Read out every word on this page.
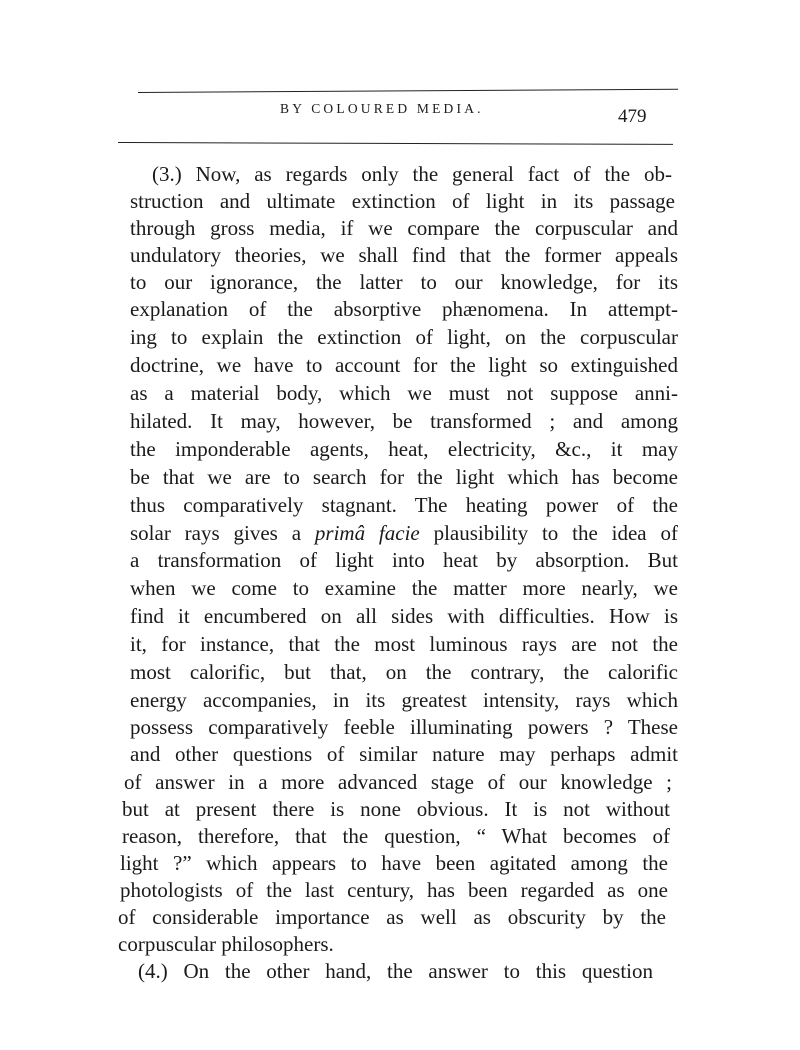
BY COLOURED MEDIA.	479
(3.) Now, as regards only the general fact of the ob-
struction and ultimate extinction of light in its passage
through gross media, if we compare the corpuscular and
undulatory theories, we shall find that the former appeals
to our ignorance, the latter to our knowledge, for its
explanation of the absorptive phænomena. In attempt-
ing to explain the extinction of light, on the corpuscular
doctrine, we have to account for the light so extinguished
as a material body, which we must not suppose anni-
hilated. It may, however, be transformed ; and among
the imponderable agents, heat, electricity, &c., it may
be that we are to search for the light which has become
thus comparatively stagnant. The heating power of the
solar rays gives a primâ facie plausibility to the idea of
a transformation of light into heat by absorption. But
when we come to examine the matter more nearly, we
find it encumbered on all sides with difficulties. How is
it, for instance, that the most luminous rays are not the
most calorific, but that, on the contrary, the calorific
energy accompanies, in its greatest intensity, rays which
possess comparatively feeble illuminating powers ? These
and other questions of similar nature may perhaps admit
of answer in a more advanced stage of our knowledge ;
but at present there is none obvious. It is not without
reason, therefore, that the question, “ What becomes of
light ?” which appears to have been agitated among the
photologists of the last century, has been regarded as one
of considerable importance as well as obscurity by the
corpuscular philosophers.
(4.) On the other hand, the answer to this question
